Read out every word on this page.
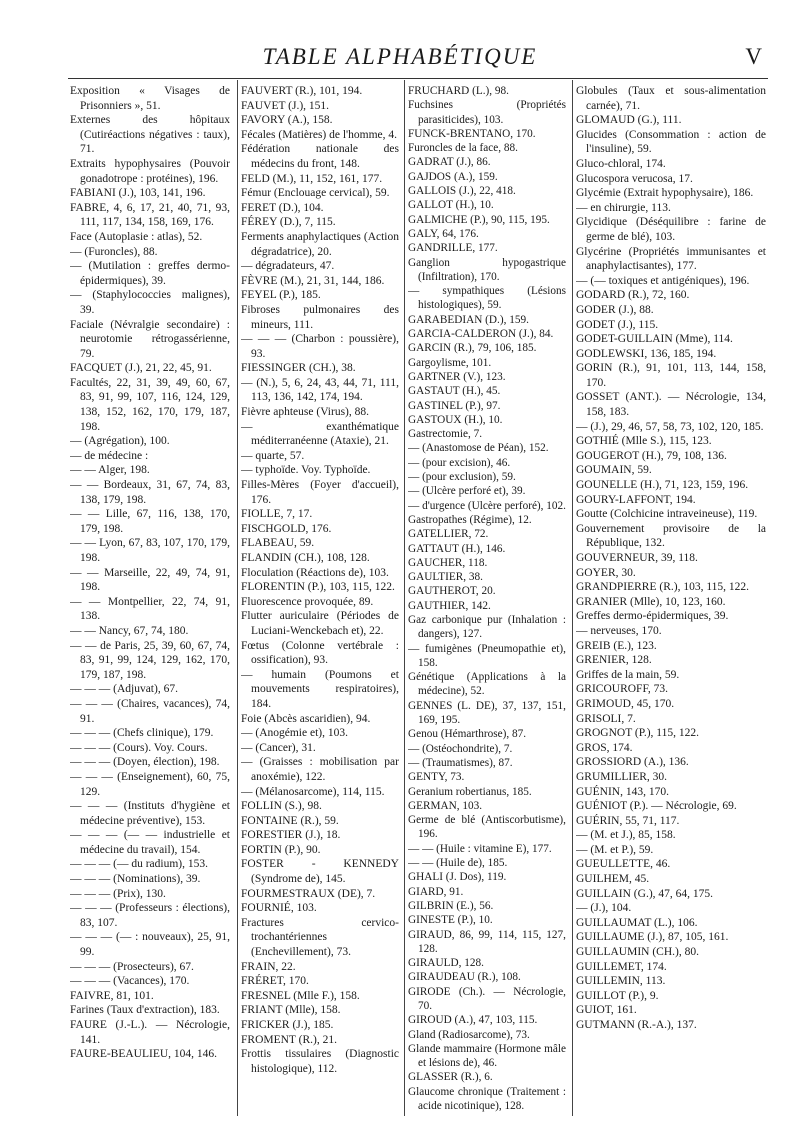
TABLE ALPHABÉTIQUE	V

Exposition « Visages de Prisonniers », 51.

Externes des hôpitaux (Cutiréactions négatives : taux), 71.

Extraits hypophysaires (Pouvoir gonadotrope : protéines), 196.

FABIANI (J.), 103, 141, 196.

FABRE, 4, 6, 17, 21, 40, 71, 93, 111, 117, 134, 158, 169, 176.

Face (Autoplasie : atlas), 52.

— (Furoncles), 88.

— (Mutilation : greffes dermo-épidermiques), 39.

— (Staphylococcies malignes), 39.

Faciale (Névralgie secondaire) : neurotomie rétrogassérienne, 79.

FACQUET (J.), 21, 22, 45, 91.

Facultés, 22, 31, 39, 49, 60, 67, 83, 91, 99, 107, 116, 124, 129, 138, 152, 162, 170, 179, 187, 198.

— (Agrégation), 100.

— de médecine :

— — Alger, 198.

— — Bordeaux, 31, 67, 74, 83, 138, 179, 198.

— — Lille, 67, 116, 138, 170, 179, 198.

— — Lyon, 67, 83, 107, 170, 179, 198.

— — Marseille, 22, 49, 74, 91, 198.

— — Montpellier, 22, 74, 91, 138.

— — Nancy, 67, 74, 180.

— — de Paris, 25, 39, 60, 67, 74, 83, 91, 99, 124, 129, 162, 170, 179, 187, 198.

— — — (Adjuvat), 67.

— — — (Chaires, vacances), 74, 91.

— — — (Chefs clinique), 179.

— — — (Cours). Voy. Cours.

— — — (Doyen, élection), 198.

— — — (Enseignement), 60, 75, 129.

— — — (Instituts d'hygiène et médecine préventive), 153.

— — — (— — industrielle et médecine du travail), 154.

— — — (— du radium), 153.

— — — (Nominations), 39.

— — — (Prix), 130.

— — — (Professeurs : élections), 83, 107.

— — — (— : nouveaux), 25, 91, 99.

— — — (Prosecteurs), 67.

— — — (Vacances), 170.

FAIVRE, 81, 101.

Farines (Taux d'extraction), 183.

FAURE (J.-L.). — Nécrologie, 141.

FAURE-BEAULIEU, 104, 146.

FAUVERT (R.), 101, 194.

FAUVET (J.), 151.

FAVORY (A.), 158.

Fécales (Matières) de l'homme, 4.

Fédération nationale des médecins du front, 148.

FELD (M.), 11, 152, 161, 177.

Fémur (Enclouage cervical), 59.

FERET (D.), 104.

FÉREY (D.), 7, 115.

Ferments anaphylactiques (Action dégradatrice), 20.

— dégradateurs, 47.

FÈVRE (M.), 21, 31, 144, 186.

FEYEL (P.), 185.

Fibroses pulmonaires des mineurs, 111.

— — — (Charbon : poussière), 93.

FIESSINGER (CH.), 38.

— (N.), 5, 6, 24, 43, 44, 71, 111, 113, 136, 142, 174, 194.

Fièvre aphteuse (Virus), 88.

— exanthématique méditerranéenne (Ataxie), 21.

— quarte, 57.

— typhoïde. Voy. Typhoïde.

Filles-Mères (Foyer d'accueil), 176.

FIOLLE, 7, 17.

FISCHGOLD, 176.

FLABEAU, 59.

FLANDIN (CH.), 108, 128.

Floculation (Réactions de), 103.

FLORENTIN (P.), 103, 115, 122.

Fluorescence provoquée, 89.

Flutter auriculaire (Périodes de Luciani-Wenckebach et), 22.

Fœtus (Colonne vertébrale : ossification), 93.

— humain (Poumons et mouvements respiratoires), 184.

Foie (Abcès ascaridien), 94.

— (Anogémie et), 103.

— (Cancer), 31.

— (Graisses : mobilisation par anoxémie), 122.

— (Mélanosarcome), 114, 115.

FOLLIN (S.), 98.

FONTAINE (R.), 59.

FORESTIER (J.), 18.

FORTIN (P.), 90.

FOSTER - KENNEDY (Syndrome de), 145.

FOURMESTRAUX (DE), 7.

FOURNIÉ, 103.

Fractures cervico-trochantériennes (Enchevillement), 73.

FRAIN, 22.

FRÉRET, 170.

FRESNEL (Mlle F.), 158.

FRIANT (Mlle), 158.

FRICKER (J.), 185.

FROMENT (R.), 21.

Frottis tissulaires (Diagnostic histologique), 112.

FRUCHARD (L.), 98.

Fuchsines (Propriétés parasiticides), 103.

FUNCK-BRENTANO, 170.

Furoncles de la face, 88.

GADRAT (J.), 86.

GAJDOS (A.), 159.

GALLOIS (J.), 22, 418.

GALLOT (H.), 10.

GALMICHE (P.), 90, 115, 195.

GALY, 64, 176.

GANDRILLE, 177.

Ganglion hypogastrique (Infiltration), 170.

— sympathiques (Lésions histologiques), 59.

GARABEDIAN (D.), 159.

GARCIA-CALDERON (J.), 84.

GARCIN (R.), 79, 106, 185.

Gargoylisme, 101.

GARTNER (V.), 123.

GASTAUT (H.), 45.

GASTINEL (P.), 97.

GASTOUX (H.), 10.

Gastrectomie, 7.

— (Anastomose de Péan), 152.

— (pour excision), 46.

— (pour exclusion), 59.

— (Ulcère perforé et), 39.

— d'urgence (Ulcère perforé), 102.

Gastropathes (Régime), 12.

GATELLIER, 72.

GATTAUT (H.), 146.

GAUCHER, 118.

GAULTIER, 38.

GAUTHEROT, 20.

GAUTHIER, 142.

Gaz carbonique pur (Inhalation : dangers), 127.

— fumigènes (Pneumopathie et), 158.

Génétique (Applications à la médecine), 52.

GENNES (L. DE), 37, 137, 151, 169, 195.

Genou (Hémarthrose), 87.

— (Ostéochondrite), 7.

— (Traumatismes), 87.

GENTY, 73.

Geranium robertianus, 185.

GERMAN, 103.

Germe de blé (Antiscorbutisme), 196.

— — (Huile : vitamine E), 177.

— — (Huile de), 185.

GHALI (J. Dos), 119.

GIARD, 91.

GILBRIN (E.), 56.

GINESTE (P.), 10.

GIRAUD, 86, 99, 114, 115, 127, 128.

GIRAULD, 128.

GIRAUDEAU (R.), 108.

GIRODE (Ch.). — Nécrologie, 70.

GIROUD (A.), 47, 103, 115.

Gland (Radiosarcome), 73.

Glande mammaire (Hormone mâle et lésions de), 46.

GLASSER (R.), 6.

Glaucome chronique (Traitement : acide nicotinique), 128.

Globules (Taux et sous-alimentation carnée), 71.

GLOMAUD (G.), 111.

Glucides (Consommation : action de l'insuline), 59.

Gluco-chloral, 174.

Glucospora verucosa, 17.

Glycémie (Extrait hypophysaire), 186.

— en chirurgie, 113.

Glycidique (Déséquilibre : farine de germe de blé), 103.

Glycérine (Propriétés immunisantes et anaphylactisantes), 177.

— (— toxiques et antigéniques), 196.

GODARD (R.), 72, 160.

GODER (J.), 88.

GODET (J.), 115.

GODET-GUILLAIN (Mme), 114.

GODLEWSKI, 136, 185, 194.

GORIN (R.), 91, 101, 113, 144, 158, 170.

GOSSET (ANT.). — Nécrologie, 134, 158, 183.

— (J.), 29, 46, 57, 58, 73, 102, 120, 185.

GOTHIÉ (Mlle S.), 115, 123.

GOUGEROT (H.), 79, 108, 136.

GOUMAIN, 59.

GOUNELLE (H.), 71, 123, 159, 196.

GOURY-LAFFONT, 194.

Goutte (Colchicine intraveineuse), 119.

Gouvernement provisoire de la République, 132.

GOUVERNEUR, 39, 118.

GOYER, 30.

GRANDPIERRE (R.), 103, 115, 122.

GRANIER (Mlle), 10, 123, 160.

Greffes dermo-épidermiques, 39.

— nerveuses, 170.

GREIB (E.), 123.

GRENIER, 128.

Griffes de la main, 59.

GRICOUROFF, 73.

GRIMOUD, 45, 170.

GRISOLI, 7.

GROGNOT (P.), 115, 122.

GROS, 174.

GROSSIORD (A.), 136.

GRUMILLIER, 30.

GUÉNIN, 143, 170.

GUÉNIOT (P.). — Nécrologie, 69.

GUÉRIN, 55, 71, 117.

— (M. et J.), 85, 158.

— (M. et P.), 59.

GUEULLETTE, 46.

GUILHEM, 45.

GUILLAIN (G.), 47, 64, 175.

— (J.), 104.

GUILLAUMAT (L.), 106.

GUILLAUME (J.), 87, 105, 161.

GUILLAUMIN (CH.), 80.

GUILLEMET, 174.

GUILLEMIN, 113.

GUILLOT (P.), 9.

GUIOT, 161.

GUTMANN (R.-A.), 137.
